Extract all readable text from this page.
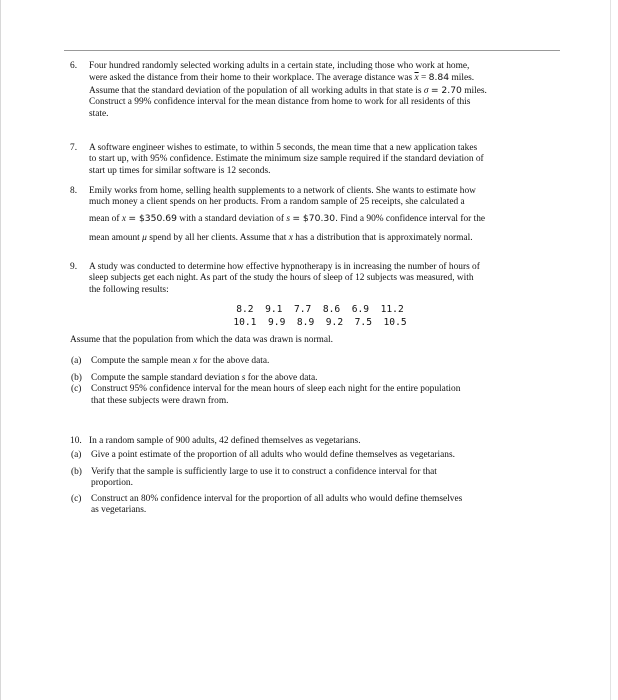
6.	Four hundred randomly selected working adults in a certain state, including those who work at home,
were asked the distance from their home to their workplace. The average distance was $\overline{x} = 8.84$ miles.
Assume that the standard deviation of the population of all working adults in that state is σ = 2.70 miles.
Construct a 99% confidence interval for the mean distance from home to work for all residents of this
state.
7.	A software engineer wishes to estimate, to within 5 seconds, the mean time that a new application takes
to start up, with 95% confidence. Estimate the minimum size sample required if the standard deviation of
start up times for similar software is 12 seconds.
8.	Emily works from home, selling health supplements to a network of clients. She wants to estimate how
much money a client spends on her products. From a random sample of 25 receipts, she calculated a
mean of x = $350.69 with a standard deviation of s = $70.30. Find a 90% confidence interval for the
mean amount μ spend by all her clients. Assume that x has a distribution that is approximately normal.
9.	A study was conducted to determine how effective hypnotherapy is in increasing the number of hours of
sleep subjects get each night. As part of the study the hours of sleep of 12 subjects was measured, with
the following results:
8.2  9.1  7.7  8.6  6.9  11.2
10.1  9.9  8.9  9.2  7.5  10.5
Assume that the population from which the data was drawn is normal.
(a) Compute the sample mean x for the above data.
(b) Compute the sample standard deviation s for the above data.
(c) Construct 95% confidence interval for the mean hours of sleep each night for the entire population
that these subjects were drawn from.
10. In a random sample of 900 adults, 42 defined themselves as vegetarians.
(a) Give a point estimate of the proportion of all adults who would define themselves as vegetarians.
(b) Verify that the sample is sufficiently large to use it to construct a confidence interval for that
proportion.
(c) Construct an 80% confidence interval for the proportion of all adults who would define themselves
as vegetarians.
